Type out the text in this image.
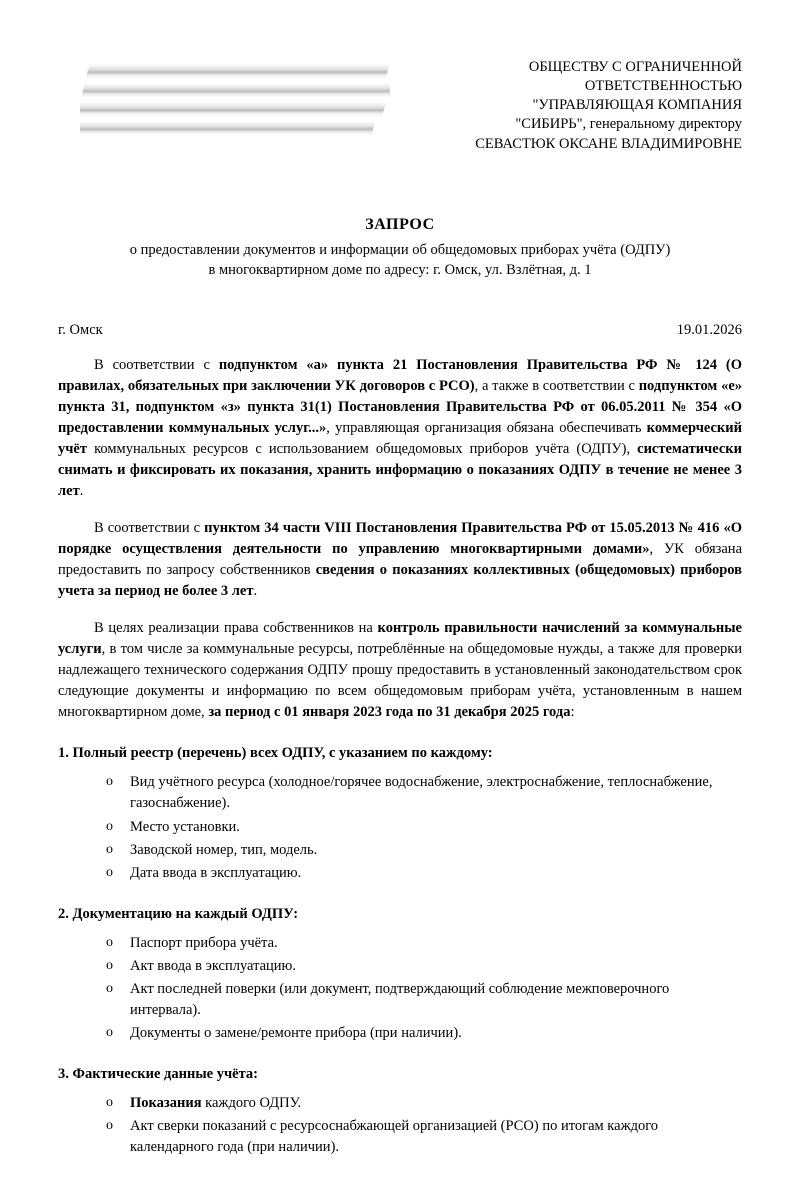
ОБЩЕСТВУ С ОГРАНИЧЕННОЙ
ОТВЕТСТВЕННОСТЬЮ
"УПРАВЛЯЮЩАЯ КОМПАНИЯ
"СИБИРЬ", генеральному директору
СЕВАСТЮК ОКСАНЕ ВЛАДИМИРОВНЕ
ЗАПРОС
о предоставлении документов и информации об общедомовых приборах учёта (ОДПУ)
в многоквартирном доме по адресу: г. Омск, ул. Взлётная, д. 1
г. Омск	19.01.2026

В соответствии с подпунктом «а» пункта 21 Постановления Правительства РФ № 124 (О правилах, обязательных при заключении УК договоров с РСО), а также в соответствии с подпунктом «е» пункта 31, подпунктом «з» пункта 31(1) Постановления Правительства РФ от 06.05.2011 № 354 «О предоставлении коммунальных услуг...», управляющая организация обязана обеспечивать коммерческий учёт коммунальных ресурсов с использованием общедомовых приборов учёта (ОДПУ), систематически снимать и фиксировать их показания, хранить информацию о показаниях ОДПУ в течение не менее 3 лет.

В соответствии с пунктом 34 части VIII Постановления Правительства РФ от 15.05.2013 № 416 «О порядке осуществления деятельности по управлению многоквартирными домами», УК обязана предоставить по запросу собственников сведения о показаниях коллективных (общедомовых) приборов учета за период не более 3 лет.

В целях реализации права собственников на контроль правильности начислений за коммунальные услуги, в том числе за коммунальные ресурсы, потреблённые на общедомовые нужды, а также для проверки надлежащего технического содержания ОДПУ прошу предоставить в установленный законодательством срок следующие документы и информацию по всем общедомовым приборам учёта, установленным в нашем многоквартирном доме, за период с 01 января 2023 года по 31 декабря 2025 года:

1. Полный реестр (перечень) всех ОДПУ, с указанием по каждому:
o Вид учётного ресурса (холодное/горячее водоснабжение, электроснабжение, теплоснабжение, газоснабжение).
o Место установки.
o Заводской номер, тип, модель.
o Дата ввода в эксплуатацию.
2. Документацию на каждый ОДПУ:
o Паспорт прибора учёта.
o Акт ввода в эксплуатацию.
o Акт последней поверки (или документ, подтверждающий соблюдение межповерочного интервала).
o Документы о замене/ремонте прибора (при наличии).
3. Фактические данные учёта:
o Показания каждого ОДПУ.
o Акт сверки показаний с ресурсоснабжающей организацией (РСО) по итогам каждого календарного года (при наличии).
